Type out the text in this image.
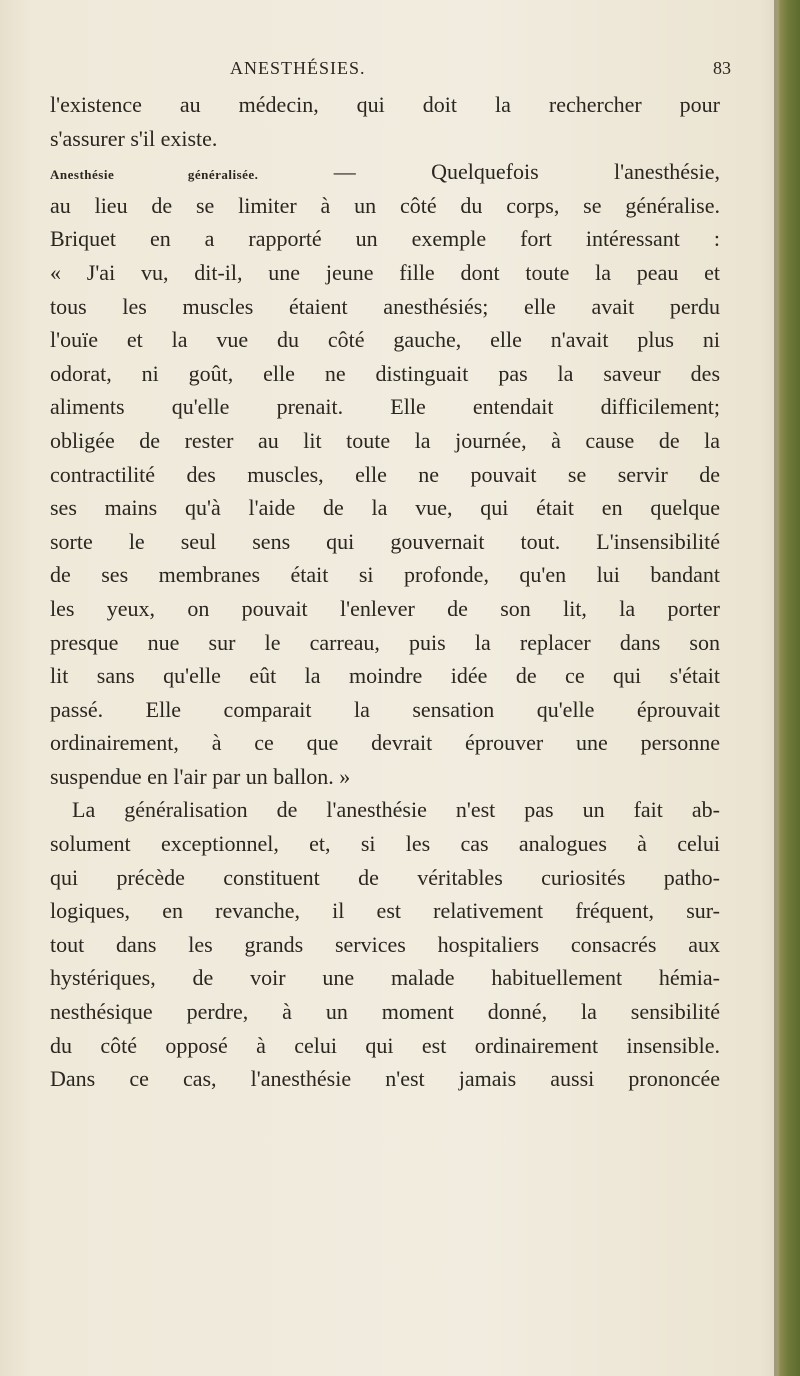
ANESTHÉSIES.	83
l'existence au médecin, qui doit la rechercher pour
s'assurer s'il existe.
Anesthésie généralisée.	— Quelquefois l'anesthésie,
au lieu de se limiter à un côté du corps, se généralise.
Briquet en a rapporté un exemple fort intéressant :
« J'ai vu, dit-il, une jeune fille dont toute la peau et
tous les muscles étaient anesthésiés; elle avait perdu
l'ouïe et la vue du côté gauche, elle n'avait plus ni
odorat, ni goût, elle ne distinguait pas la saveur des
aliments qu'elle prenait. Elle entendait difficilement;
obligée de rester au lit toute la journée, à cause de la
contractilité des muscles, elle ne pouvait se servir de
ses mains qu'à l'aide de la vue, qui était en quelque
sorte le seul sens qui gouvernait tout. L'insensibilité
de ses membranes était si profonde, qu'en lui bandant
les yeux, on pouvait l'enlever de son lit, la porter
presque nue sur le carreau, puis la replacer dans son
lit sans qu'elle eût la moindre idée de ce qui s'était
passé. Elle comparait la sensation qu'elle éprouvait
ordinairement, à ce que devrait éprouver une personne
suspendue en l'air par un ballon. »
La généralisation de l'anesthésie n'est pas un fait ab-
solument exceptionnel, et, si les cas analogues à celui
qui précède constituent de véritables curiosités patho-
logiques, en revanche, il est relativement fréquent, sur-
tout dans les grands services hospitaliers consacrés aux
hystériques, de voir une malade habituellement hémia-
nesthésique perdre, à un moment donné, la sensibilité
du côté opposé à celui qui est ordinairement insensible.
Dans ce cas, l'anesthésie n'est jamais aussi prononcée
